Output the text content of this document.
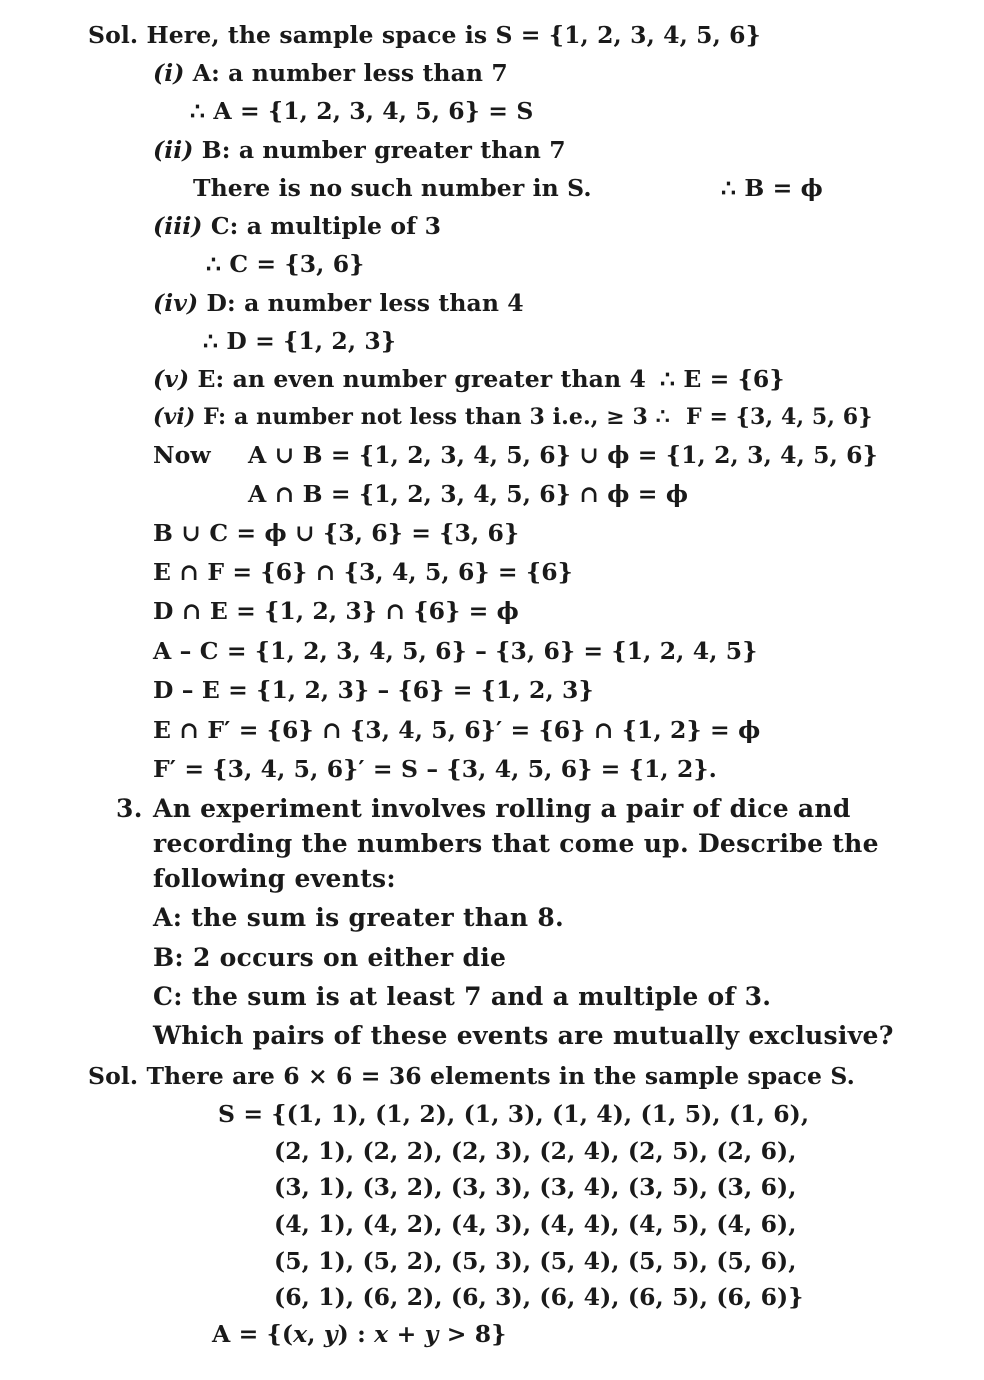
Sol. Here, the sample space is S = {1, 2, 3, 4, 5, 6}
(i) A: a number less than 7
∴ A = {1, 2, 3, 4, 5, 6} = S
(ii) B: a number greater than 7
There is no such number in S.	∴ B = ϕ
(iii) C: a multiple of 3
∴ C = {3, 6}
(iv) D: a number less than 4
∴ D = {1, 2, 3}
(v) E: an even number greater than 4 ∴ E = {6}
(vi) F: a number not less than 3 i.e., ≥ 3 ∴ F = {3, 4, 5, 6}
Now A ∪ B = {1, 2, 3, 4, 5, 6} ∪ ϕ = {1, 2, 3, 4, 5, 6}
A ∩ B = {1, 2, 3, 4, 5, 6} ∩ ϕ = ϕ
B ∪ C = ϕ ∪ {3, 6} = {3, 6}
E ∩ F = {6} ∩ {3, 4, 5, 6} = {6}
D ∩ E = {1, 2, 3} ∩ {6} = ϕ
A – C = {1, 2, 3, 4, 5, 6} – {3, 6} = {1, 2, 4, 5}
D – E = {1, 2, 3} – {6} = {1, 2, 3}
E ∩ F′ = {6} ∩ {3, 4, 5, 6}′ = {6} ∩ {1, 2} = ϕ
F′ = {3, 4, 5, 6}′ = S – {3, 4, 5, 6} = {1, 2}.
3. An experiment involves rolling a pair of dice and
recording the numbers that come up. Describe the
following events:
A: the sum is greater than 8.
B: 2 occurs on either die
C: the sum is at least 7 and a multiple of 3.
Which pairs of these events are mutually exclusive?
Sol. There are 6 × 6 = 36 elements in the sample space S.
S = {(1, 1), (1, 2), (1, 3), (1, 4), (1, 5), (1, 6),
(2, 1), (2, 2), (2, 3), (2, 4), (2, 5), (2, 6),
(3, 1), (3, 2), (3, 3), (3, 4), (3, 5), (3, 6),
(4, 1), (4, 2), (4, 3), (4, 4), (4, 5), (4, 6),
(5, 1), (5, 2), (5, 3), (5, 4), (5, 5), (5, 6),
(6, 1), (6, 2), (6, 3), (6, 4), (6, 5), (6, 6)}
A = {(x, y) : x + y > 8}
